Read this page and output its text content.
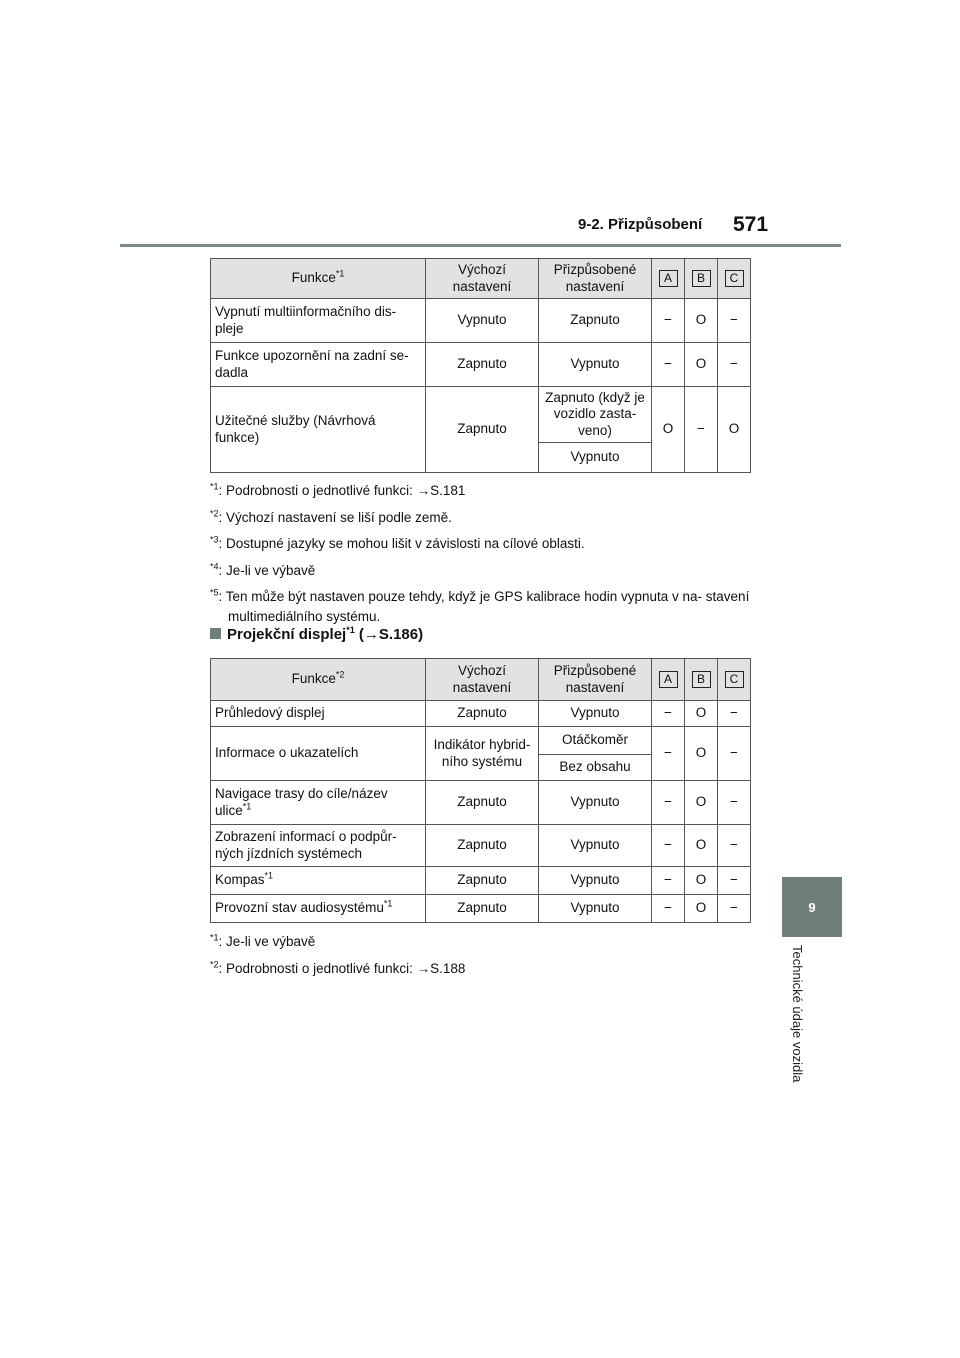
9-2. Přizpůsobení 571
9
Technické údaje vozidla
Funkce$^{*1}$	Výchozí nastavení	Přizpůsobené nastavení	A	B	C
Vypnutí multiinformačního dis- pleje	Vypnuto	Zapnuto	−	O	−
Funkce upozornění na zadní se- dadla	Zapnuto	Vypnuto	−	O	−
Užitečné služby (Návrhová funkce)	Zapnuto	Zapnuto (když je vozidlo zasta- veno)	O	−	O
		Vypnuto			
$^{*1}$: Podrobnosti o jednotlivé funkci: →S.181
$^{*2}$: Výchozí nastavení se liší podle země.
$^{*3}$: Dostupné jazyky se mohou lišit v závislosti na cílové oblasti.
$^{*4}$: Je-li ve výbavě
$^{*5}$: Ten může být nastaven pouze tehdy, když je GPS kalibrace hodin vypnuta v na- stavení multimediálního systému.
Projekční displej$^{*1}$ (→S.186)
Funkce$^{*2}$	Výchozí nastavení	Přizpůsobené nastavení	A	B	C
Průhledový displej	Zapnuto	Vypnuto	−	O	−
Informace o ukazatelích	Indikátor hybrid- ního systému	Otáčkoměr	−	O	−
		Bez obsahu			
Navigace trasy do cíle/název ulice$^{*1}$	Zapnuto	Vypnuto	−	O	−
Zobrazení informací o podpůr- ných jízdních systémech	Zapnuto	Vypnuto	−	O	−
Kompas$^{*1}$	Zapnuto	Vypnuto	−	O	−
Provozní stav audiosystému$^{*1}$	Zapnuto	Vypnuto	−	O	−
$^{*1}$: Je-li ve výbavě
$^{*2}$: Podrobnosti o jednotlivé funkci: →S.188
